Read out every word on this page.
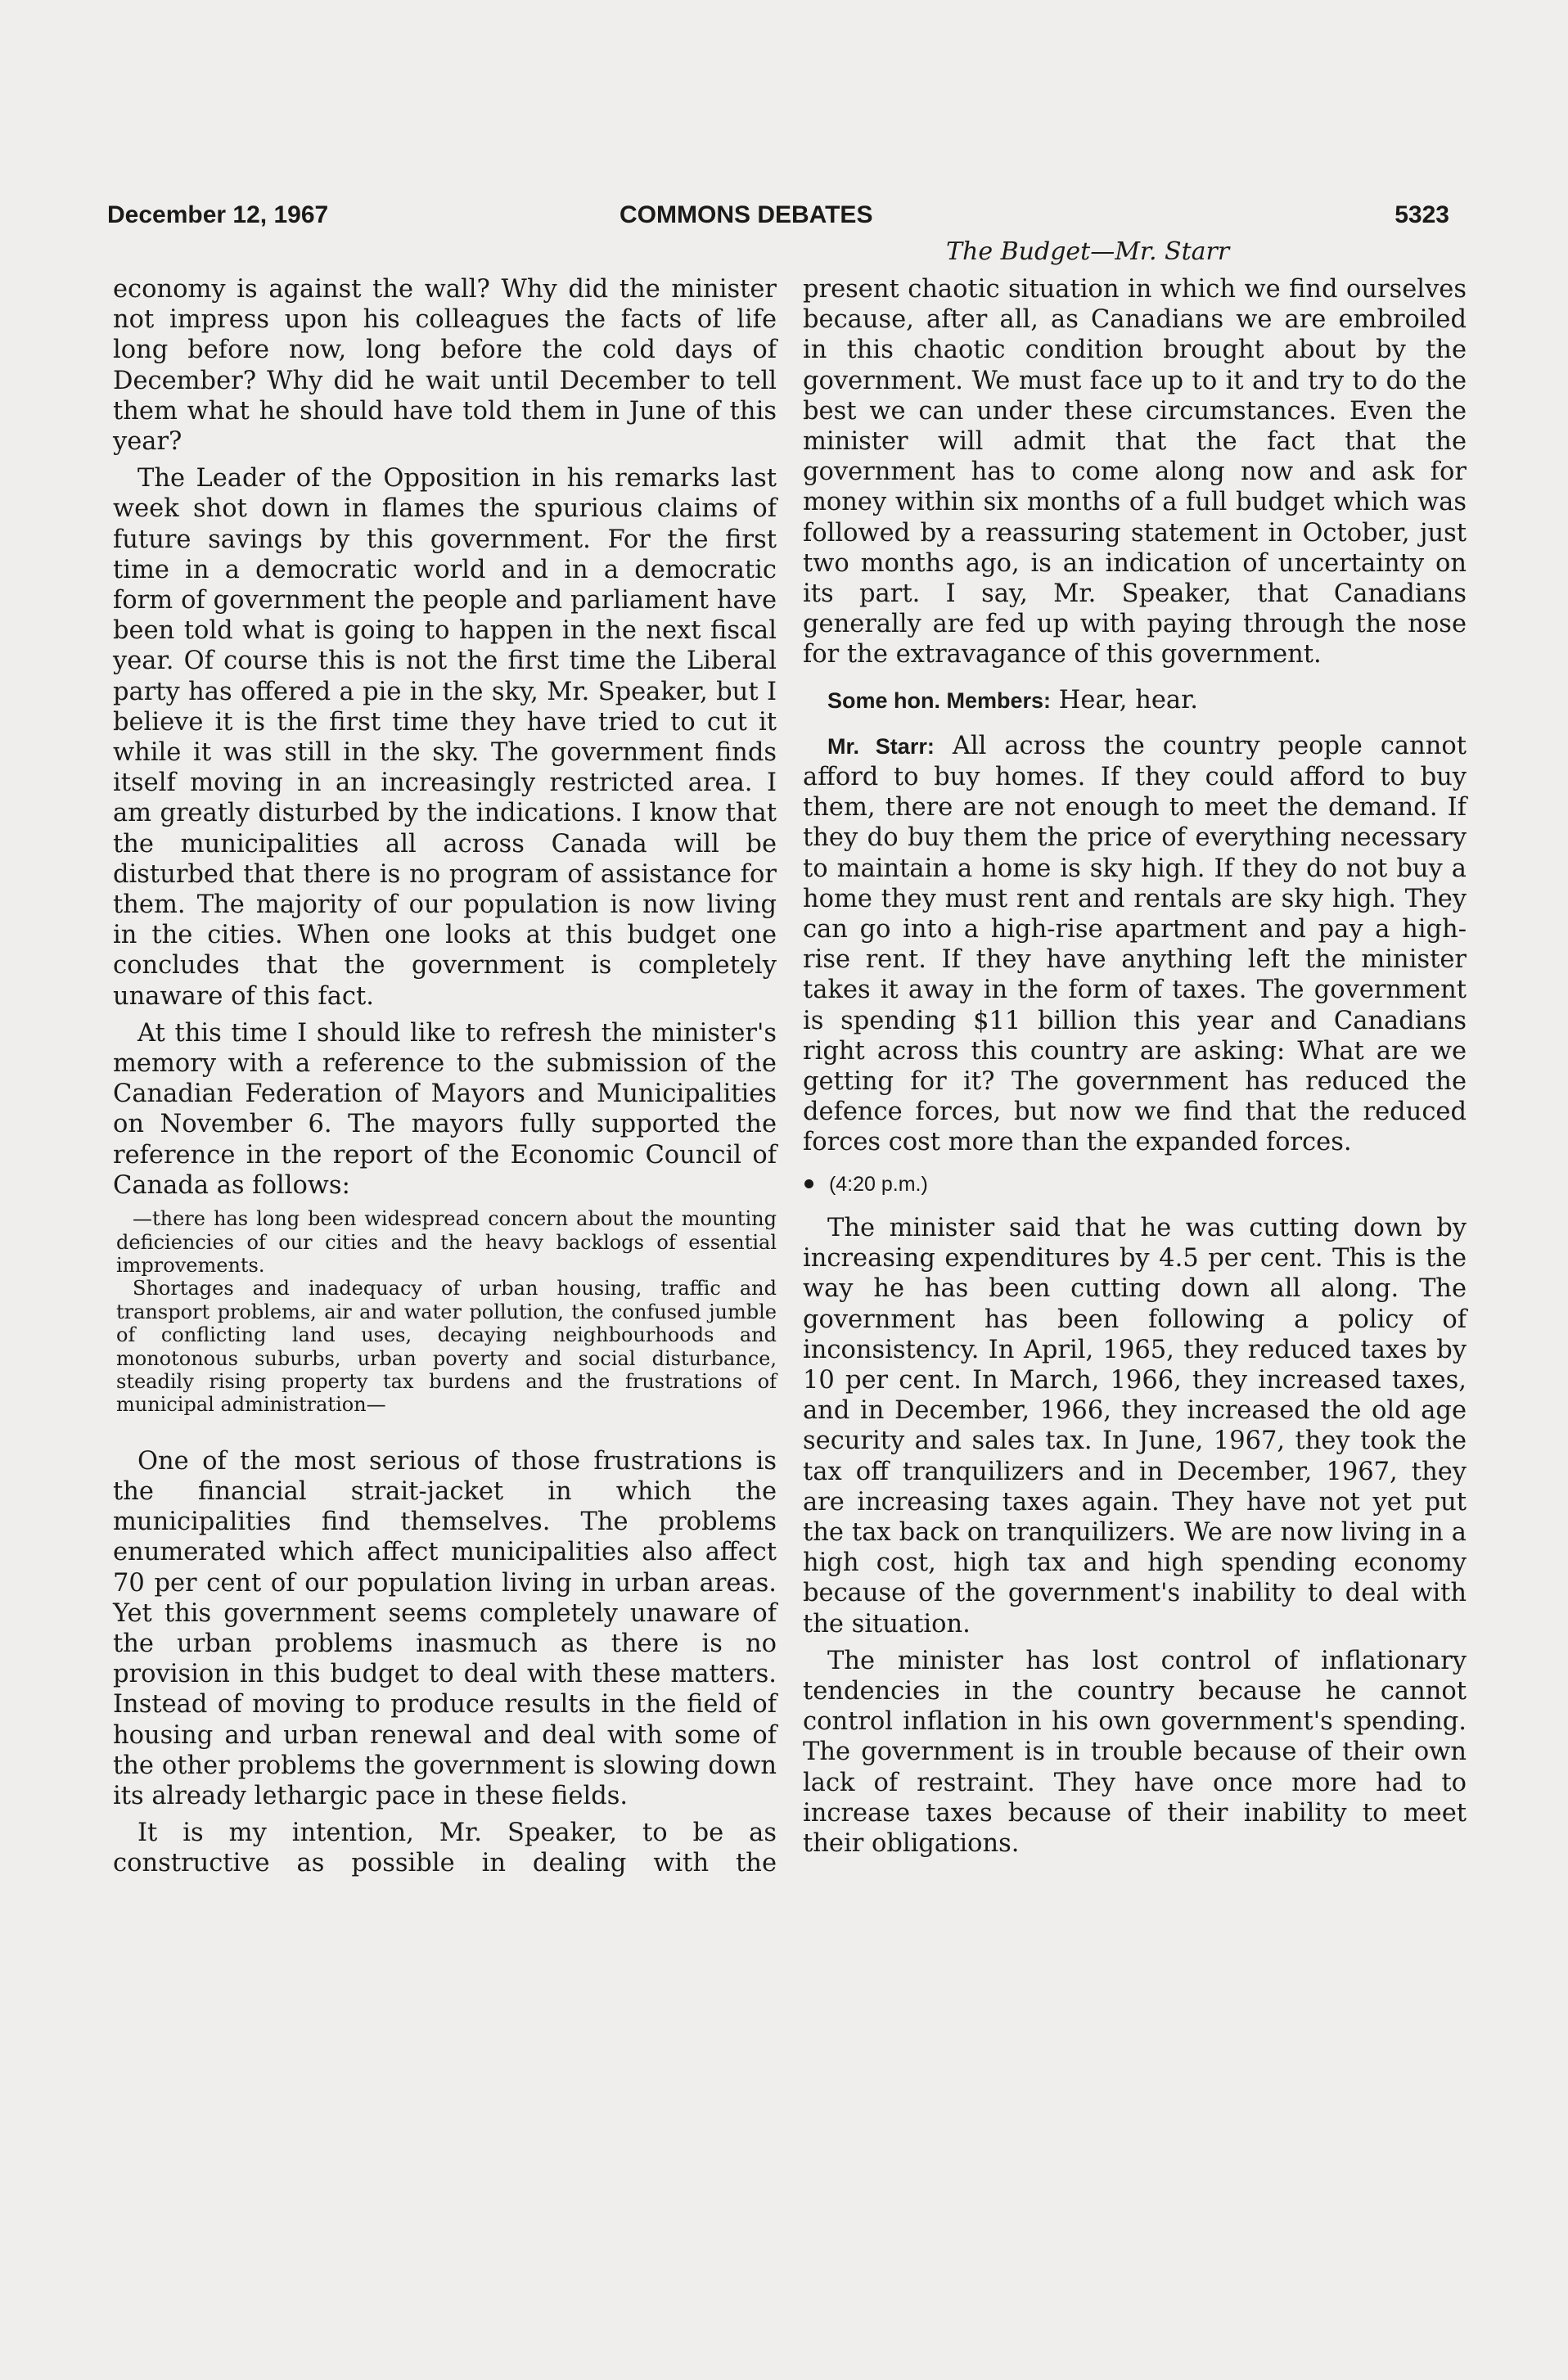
December 12, 1967	COMMONS DEBATES	5323
The Budget—Mr. Starr

economy is against the wall? Why did the minister not impress upon his colleagues the facts of life long before now, long before the cold days of December? Why did he wait until December to tell them what he should have told them in June of this year?

The Leader of the Opposition in his remarks last week shot down in flames the spurious claims of future savings by this government. For the first time in a democratic world and in a democratic form of government the people and parliament have been told what is going to happen in the next fiscal year. Of course this is not the first time the Liberal party has offered a pie in the sky, Mr. Speaker, but I believe it is the first time they have tried to cut it while it was still in the sky. The government finds itself moving in an increasingly restricted area. I am greatly disturbed by the indications. I know that the municipalities all across Canada will be disturbed that there is no program of assistance for them. The majority of our population is now living in the cities. When one looks at this budget one concludes that the government is completely unaware of this fact.

At this time I should like to refresh the minister's memory with a reference to the submission of the Canadian Federation of Mayors and Municipalities on November 6. The mayors fully supported the reference in the report of the Economic Council of Canada as follows:

—there has long been widespread concern about the mounting deficiencies of our cities and the heavy backlogs of essential improvements.

Shortages and inadequacy of urban housing, traffic and transport problems, air and water pollution, the confused jumble of conflicting land uses, decaying neighbourhoods and monotonous suburbs, urban poverty and social disturbance, steadily rising property tax burdens and the frustrations of municipal administration—

One of the most serious of those frustrations is the financial strait-jacket in which the municipalities find themselves. The problems enumerated which affect municipalities also affect 70 per cent of our population living in urban areas. Yet this government seems completely unaware of the urban problems inasmuch as there is no provision in this budget to deal with these matters. Instead of moving to produce results in the field of housing and urban renewal and deal with some of the other problems the government is slowing down its already lethargic pace in these fields.

It is my intention, Mr. Speaker, to be as constructive as possible in dealing with the

present chaotic situation in which we find ourselves because, after all, as Canadians we are embroiled in this chaotic condition brought about by the government. We must face up to it and try to do the best we can under these circumstances. Even the minister will admit that the fact that the government has to come along now and ask for money within six months of a full budget which was followed by a reassuring statement in October, just two months ago, is an indication of uncertainty on its part. I say, Mr. Speaker, that Canadians generally are fed up with paying through the nose for the extravagance of this government.

Some hon. Members: Hear, hear.

Mr. Starr: All across the country people cannot afford to buy homes. If they could afford to buy them, there are not enough to meet the demand. If they do buy them the price of everything necessary to maintain a home is sky high. If they do not buy a home they must rent and rentals are sky high. They can go into a high-rise apartment and pay a high-rise rent. If they have anything left the minister takes it away in the form of taxes. The government is spending $11 billion this year and Canadians right across this country are asking: What are we getting for it? The government has reduced the defence forces, but now we find that the reduced forces cost more than the expanded forces.

(4:20 p.m.)

The minister said that he was cutting down by increasing expenditures by 4.5 per cent. This is the way he has been cutting down all along. The government has been following a policy of inconsistency. In April, 1965, they reduced taxes by 10 per cent. In March, 1966, they increased taxes, and in December, 1966, they increased the old age security and sales tax. In June, 1967, they took the tax off tranquilizers and in December, 1967, they are increasing taxes again. They have not yet put the tax back on tranquilizers. We are now living in a high cost, high tax and high spending economy because of the government's inability to deal with the situation.

The minister has lost control of inflationary tendencies in the country because he cannot control inflation in his own government's spending. The government is in trouble because of their own lack of restraint. They have once more had to increase taxes because of their inability to meet their obligations.
